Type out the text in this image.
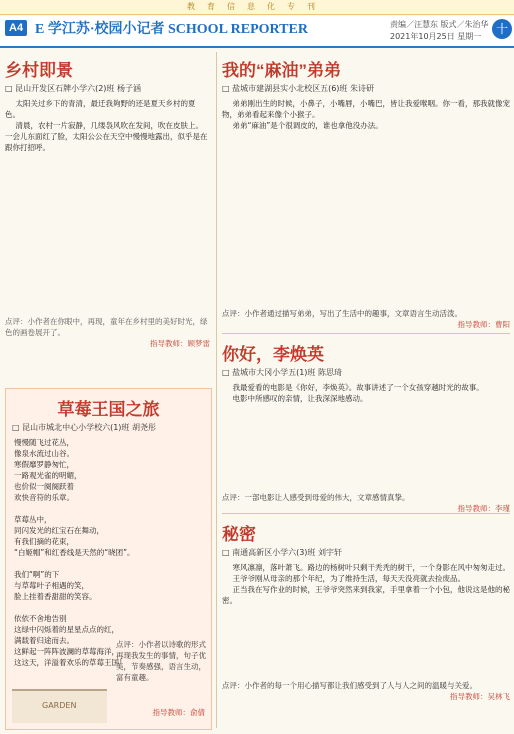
教育信息化专刊
A4 E 学江苏·校园小记者 SCHOOL REPORTER	责编／汪慧东 版式／朱治华
2021年10月25日 星期一
十
乡村即景
□ 昆山开发区石牌小学六(2)班 杨子涵

太阳关过乡下的青清，最迁我夠野的还是夏天乡村的夏色。

清晨，农村一片寂静，几缕袅风吹在发间，吹在皮肤上。一会儿东面红了脸，太阳公公在天空中慢慢地露出，似乎是在跟你打招呼。

点评：小作者在你眼中，再现，童年在乡村里的美好时光，绿色的画卷展开了。
指导教师：顾梦雷
草莓王国之旅
□ 昆山市城北中心小学校六(1)班 胡尧彤
慢慢随飞过花丛，
像泉水流过山谷。
寒假靡罗静匆忙，
一路观光雀的明媚，
也价似一阕阕跃着
欢快音符的乐章。

草莓丛中，
同闪发光的红宝石在舞动，
有我们摘的花束，
“白姬帽”和红香线是天然的“晓团”。

我们“啊”的下
与草莓叶子相遇的笑，
脸上挂着香甜甜的笑容。

依依不舍地告别
这绿中闪烁着的星星点点的红，
满载着归途而去。
这鲜起一阵阵波澜的草莓海洋，
这这天，洋溢着欢乐的草莓王国！
点评：小作者以诗歌的形式再现我发生的事情，句子优美，节奏感强，语言生动，富有童趣。
指导教师：俞倩
GARDEN
我的“麻油”弟弟
□ 盐城市建湖县实小北校区五(6)班 朱诗研

弟弟刚出生的时候，小鼻子，小嘴唇，小嘴巴，皆让我爱喉咽。你一看，那我就像宠物，弟弟看起来像个小猴子。

弟弟“麻油”是个很调皮的，谁也拿他没办法。

点评：小作者通过描写弟弟，写出了生活中的趣事，文章语言生动活泼。
指导教师：曹阳
你好，李焕英
□ 盐城市大冈小学五(1)班 陈思琦

我最爱看的电影是《你好，李焕英》。故事讲述了一个女孩穿越时光的故事。

电影中所感叹的亲情，让我深深地感动。

点评：一部电影让人感受到母爱的伟大，文章感情真挚。
指导教师：李瑾
秘密
□ 南通高新区小学六(3)班 刘宇轩

寒风凛凛，落叶萧飞。路边的杨树叶只剩干秃秃的树干，一个身影在风中匆匆走过。

王爷爷刚从母亲的那个年纪，为了维持生活，每天天没亮就去捡废品。

正当我在写作业的时候，王爷爷突然来到我家，手里拿着一个小包，他说这是他的秘密。

点评：小作者的每一个用心描写都让我们感受到了人与人之间的温暖与关爱。
指导教师：吴林飞
